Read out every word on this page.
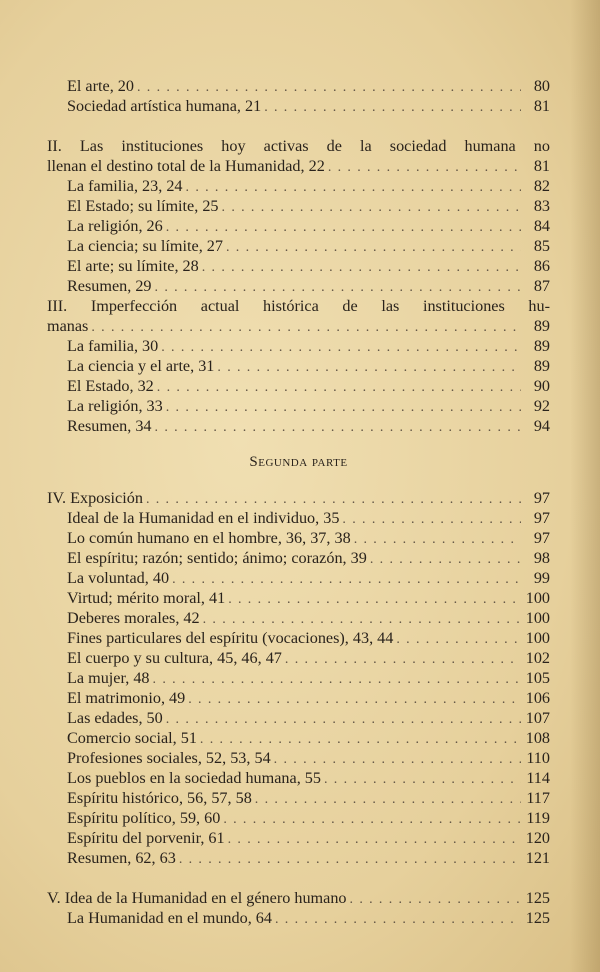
El arte, 20 . . .	80
Sociedad artística humana, 21 . . .	81
II. Las instituciones hoy activas de la sociedad humana no
llenan el destino total de la Humanidad, 22 . . .	81
La familia, 23, 24 . . .	82
El Estado; su límite, 25 . . .	83
La religión, 26 . . .	84
La ciencia; su límite, 27 . . .	85
El arte; su límite, 28 . . .	86
Resumen, 29 . . .	87
III. Imperfección actual histórica de las instituciones hu-
manas . . .	89
La familia, 30 . . .	89
La ciencia y el arte, 31 . . .	89
El Estado, 32 . . .	90
La religión, 33 . . .	92
Resumen, 34 . . .	94
Segunda parte
IV. Exposición . . .	97
Ideal de la Humanidad en el individuo, 35 . . .	97
Lo común humano en el hombre, 36, 37, 38 . . .	97
El espíritu; razón; sentido; ánimo; corazón, 39 . . .	98
La voluntad, 40 . . .	99
Virtud; mérito moral, 41 . . .	100
Deberes morales, 42 . . .	100
Fines particulares del espíritu (vocaciones), 43, 44 . . .	100
El cuerpo y su cultura, 45, 46, 47 . . .	102
La mujer, 48 . . .	105
El matrimonio, 49 . . .	106
Las edades, 50 . . .	107
Comercio social, 51 . . .	108
Profesiones sociales, 52, 53, 54 . . .	110
Los pueblos en la sociedad humana, 55 . . .	114
Espíritu histórico, 56, 57, 58 . . .	117
Espíritu político, 59, 60 . . .	119
Espíritu del porvenir, 61 . . .	120
Resumen, 62, 63 . . .	121
V. Idea de la Humanidad en el género humano . . .	125
La Humanidad en el mundo, 64 . . .	125
